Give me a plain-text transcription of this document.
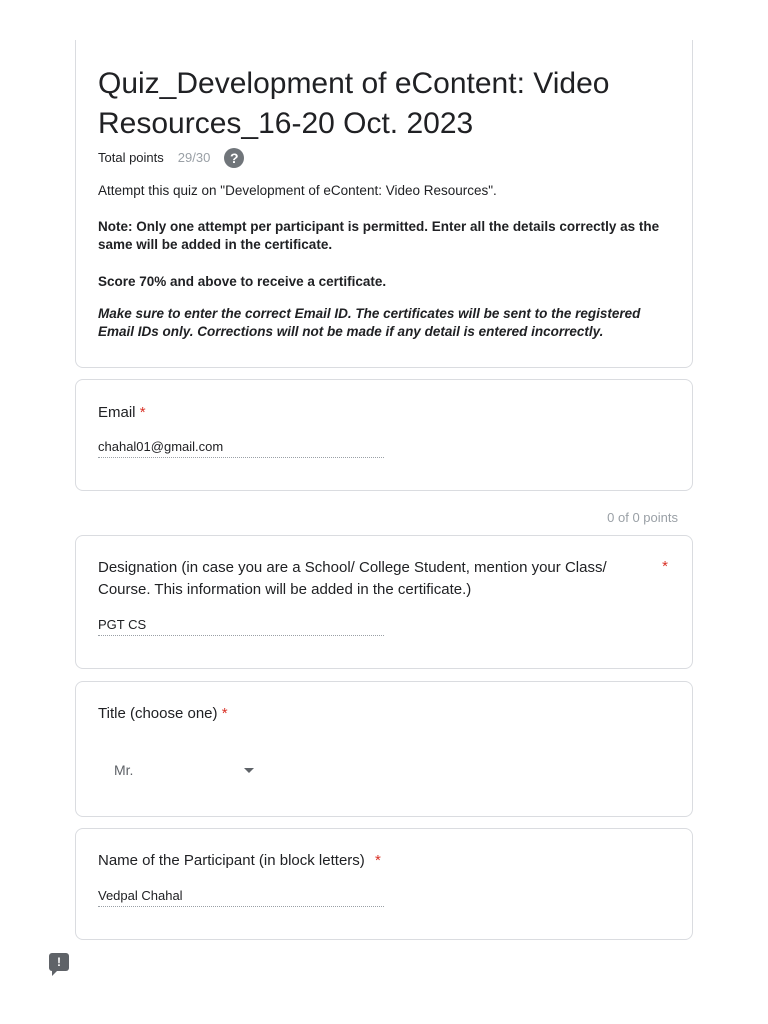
Quiz_Development of eContent: Video Resources_16-20 Oct. 2023
Total points 29/30	?

Attempt this quiz on "Development of eContent: Video Resources".

Note: Only one attempt per participant is permitted. Enter all the details correctly as the same will be added in the certificate.

Score 70% and above to receive a certificate.

Make sure to enter the correct Email ID. The certificates will be sent to the registered Email IDs only. Corrections will not be made if any detail is entered incorrectly.

Email *
chahal01@gmail.com
0 of 0 points
Designation (in case you are a School/ College Student, mention your Class/ Course. This information will be added in the certificate.)
*
PGT CS
Title (choose one) *
Mr.
Name of the Participant (in block letters) *
Vedpal Chahal
!
